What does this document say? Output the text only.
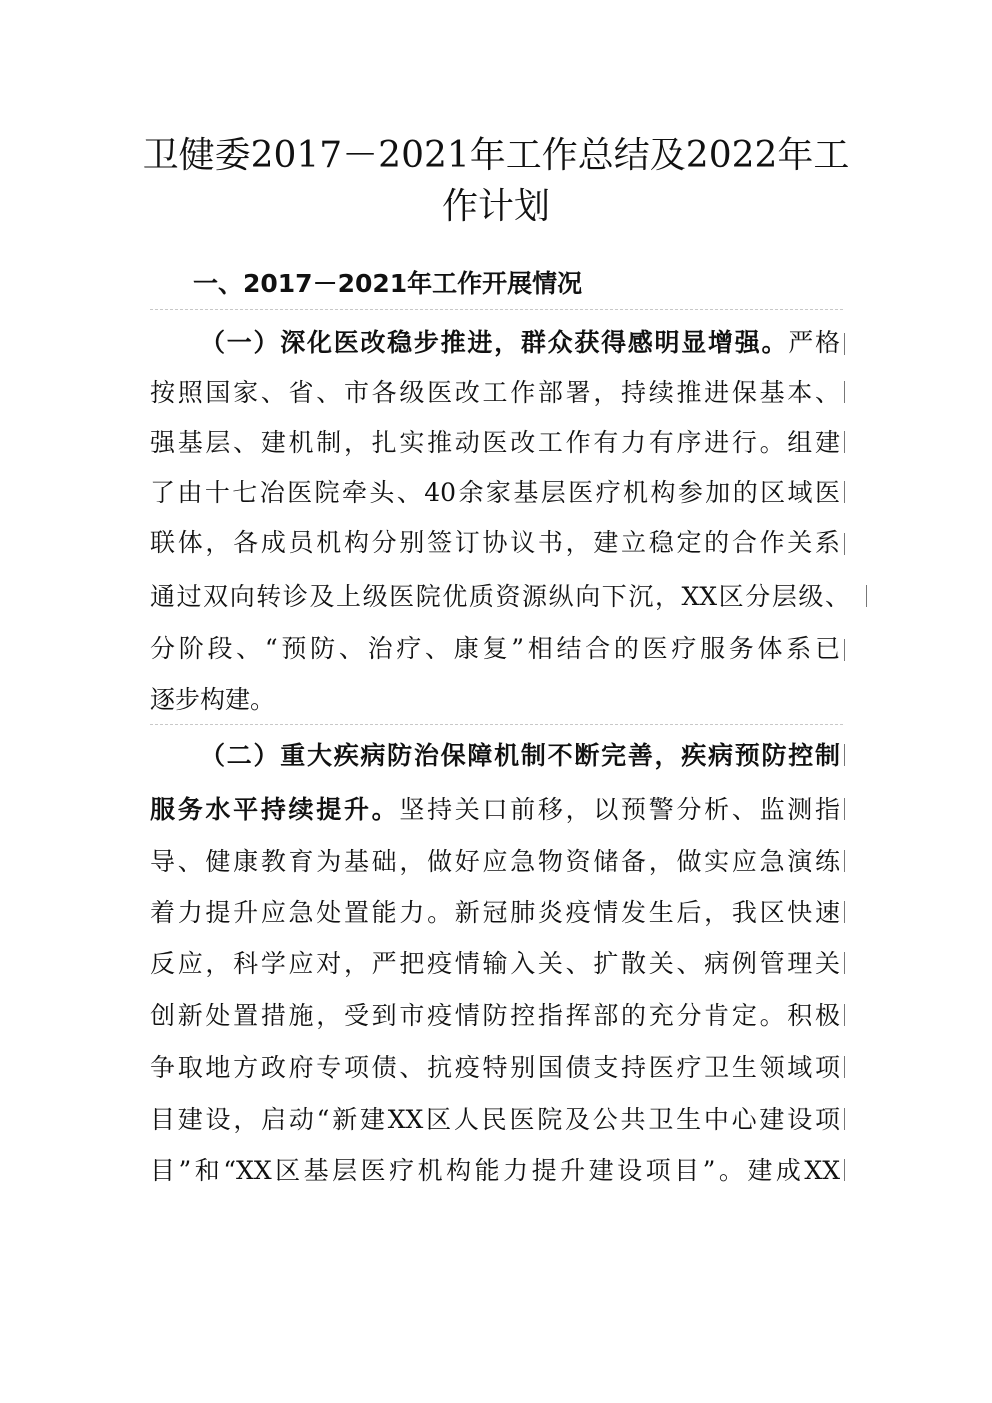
卫健委2017－2021年工作总结及2022年工
作计划
一、2017－2021年工作开展情况
（一）深化医改稳步推进，群众获得感明显增强。严格
按照国家、省、市各级医改工作部署，持续推进保基本、
强基层、建机制，扎实推动医改工作有力有序进行。组建
了由十七冶医院牵头、40余家基层医疗机构参加的区域医
联体，各成员机构分别签订协议书，建立稳定的合作关系
通过双向转诊及上级医院优质资源纵向下沉，XX区分层级、
分阶段、“预防、治疗、康复”相结合的医疗服务体系已
逐步构建。
（二）重大疾病防治保障机制不断完善，疾病预防控制
服务水平持续提升。坚持关口前移，以预警分析、监测指
导、健康教育为基础，做好应急物资储备，做实应急演练
着力提升应急处置能力。新冠肺炎疫情发生后，我区快速
反应，科学应对，严把疫情输入关、扩散关、病例管理关
创新处置措施，受到市疫情防控指挥部的充分肯定。积极
争取地方政府专项债、抗疫特别国债支持医疗卫生领域项
目建设，启动“新建XX区人民医院及公共卫生中心建设项
目”和“XX区基层医疗机构能力提升建设项目”。建成XX
